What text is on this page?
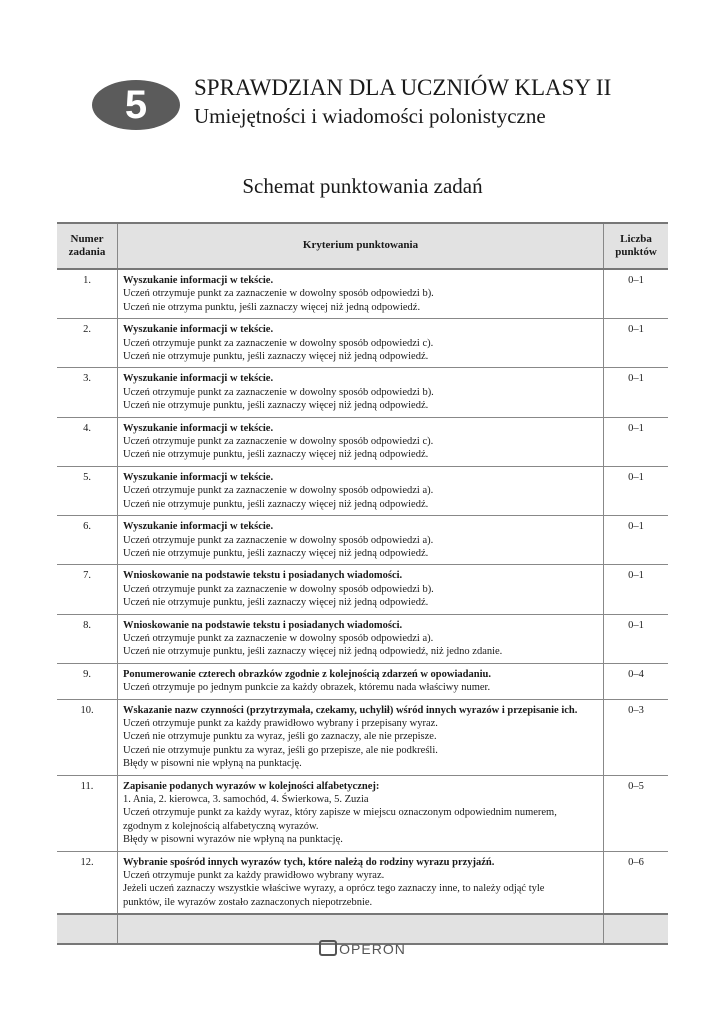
5	SPRAWDZIAN DLA UCZNIÓW KLASY II
Umiejętności i wiadomości polonistyczne
Schemat punktowania zadań
Numer zadania	Kryterium punktowania	Liczba punktów
1.	Wyszukanie informacji w tekście.
Uczeń otrzymuje punkt za zaznaczenie w dowolny sposób odpowiedzi b).
Uczeń nie otrzyma punktu, jeśli zaznaczy więcej niż jedną odpowiedź.	0–1
2.	Wyszukanie informacji w tekście.
Uczeń otrzymuje punkt za zaznaczenie w dowolny sposób odpowiedzi c).
Uczeń nie otrzymuje punktu, jeśli zaznaczy więcej niż jedną odpowiedź.	0–1
3.	Wyszukanie informacji w tekście.
Uczeń otrzymuje punkt za zaznaczenie w dowolny sposób odpowiedzi b).
Uczeń nie otrzymuje punktu, jeśli zaznaczy więcej niż jedną odpowiedź.	0–1
4.	Wyszukanie informacji w tekście.
Uczeń otrzymuje punkt za zaznaczenie w dowolny sposób odpowiedzi c).
Uczeń nie otrzymuje punktu, jeśli zaznaczy więcej niż jedną odpowiedź.	0–1
5.	Wyszukanie informacji w tekście.
Uczeń otrzymuje punkt za zaznaczenie w dowolny sposób odpowiedzi a).
Uczeń nie otrzymuje punktu, jeśli zaznaczy więcej niż jedną odpowiedź.	0–1
6.	Wyszukanie informacji w tekście.
Uczeń otrzymuje punkt za zaznaczenie w dowolny sposób odpowiedzi a).
Uczeń nie otrzymuje punktu, jeśli zaznaczy więcej niż jedną odpowiedź.	0–1
7.	Wnioskowanie na podstawie tekstu i posiadanych wiadomości.
Uczeń otrzymuje punkt za zaznaczenie w dowolny sposób odpowiedzi b).
Uczeń nie otrzymuje punktu, jeśli zaznaczy więcej niż jedną odpowiedź.	0–1
8.	Wnioskowanie na podstawie tekstu i posiadanych wiadomości.
Uczeń otrzymuje punkt za zaznaczenie w dowolny sposób odpowiedzi a).
Uczeń nie otrzymuje punktu, jeśli zaznaczy więcej niż jedną odpowiedź, niż jedno zdanie.	0–1
9.	Ponumerowanie czterech obrazków zgodnie z kolejnością zdarzeń w opowiadaniu.
Uczeń otrzymuje po jednym punkcie za każdy obrazek, któremu nada właściwy numer.	0–4
10.	Wskazanie nazw czynności (przytrzymała, czekamy, uchylił) wśród innych wyrazów i przepisanie ich.
Uczeń otrzymuje punkt za każdy prawidłowo wybrany i przepisany wyraz.
Uczeń nie otrzymuje punktu za wyraz, jeśli go zaznaczy, ale nie przepisze.
Uczeń nie otrzymuje punktu za wyraz, jeśli go przepisze, ale nie podkreśli.
Błędy w pisowni nie wpłyną na punktację.	0–3
11.	Zapisanie podanych wyrazów w kolejności alfabetycznej:
1. Ania, 2. kierowca, 3. samochód, 4. Świerkowa, 5. Zuzia
Uczeń otrzymuje punkt za każdy wyraz, który zapisze w miejscu oznaczonym odpowiednim numerem,
zgodnym z kolejnością alfabetyczną wyrazów.
Błędy w pisowni wyrazów nie wpłyną na punktację.	0–5
12.	Wybranie spośród innych wyrazów tych, które należą do rodziny wyrazu przyjaźń.
Uczeń otrzymuje punkt za każdy prawidłowo wybrany wyraz.
Jeżeli uczeń zaznaczy wszystkie właściwe wyrazy, a oprócz tego zaznaczy inne, to należy odjąć tyle
punktów, ile wyrazów zostało zaznaczonych niepotrzebnie.	0–6

OPERON
